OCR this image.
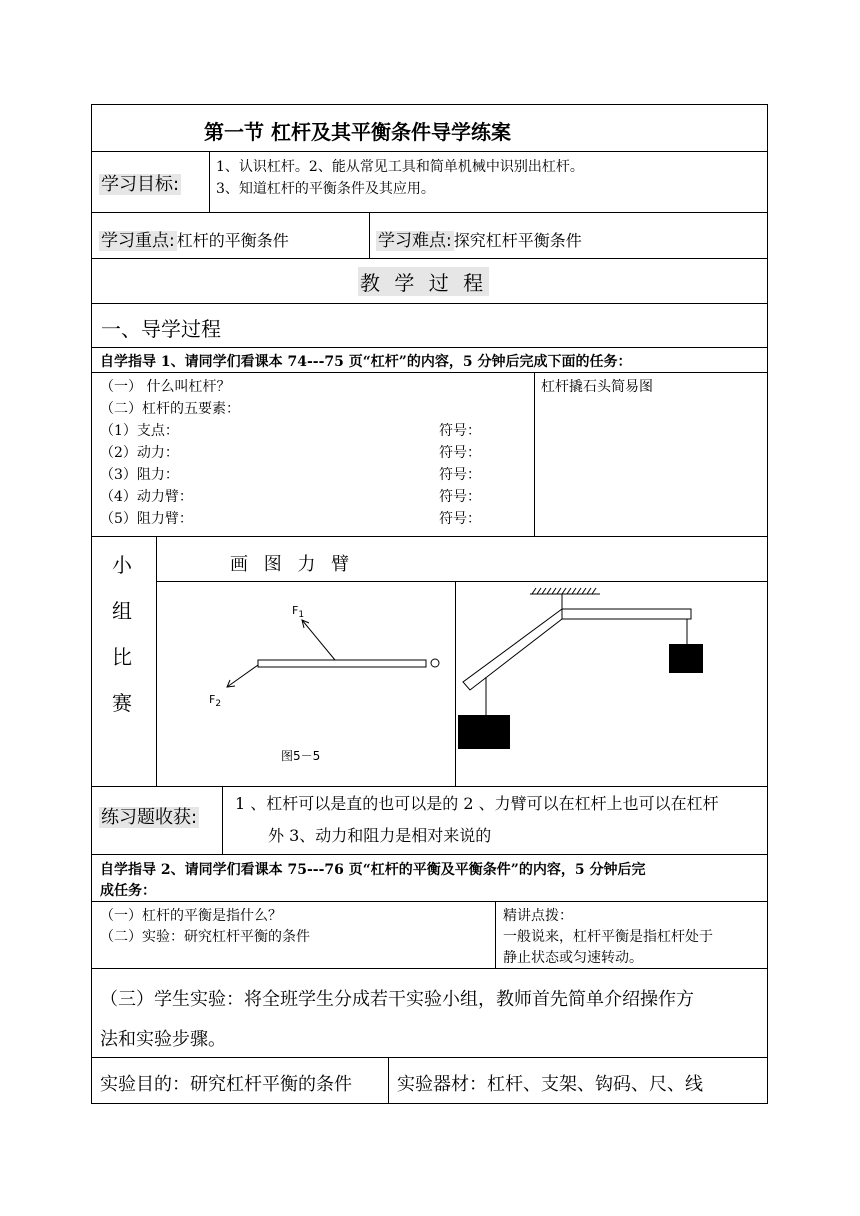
第一节 杠杆及其平衡条件导学练案
学习目标:
1、认识杠杆。2、能从常见工具和简单机械中识别出杠杆。
3、知道杠杆的平衡条件及其应用。
学习重点: 杠杆的平衡条件	学习难点: 探究杠杆平衡条件
教 学 过 程
一、导学过程
自学指导 1、请同学们看课本 74---75 页“杠杆”的内容，5 分钟后完成下面的任务：
（一） 什么叫杠杆？
（二）杠杆的五要素：
（1）支点：	符号：
（2）动力：	符号：
（3）阻力：	符号：
（4）动力臂：	符号：
（5）阻力臂：	符号：
杠杆撬石头简易图
小
组
比
赛
画 图 力 臂
$F_1$
$F_2$
图5－5
练习题收获:
1 、杠杆可以是直的也可以是的 2 、力臂可以在杠杆上也可以在杠杆
外 3、动力和阻力是相对来说的
自学指导 2、请同学们看课本 75---76 页“杠杆的平衡及平衡条件”的内容，5 分钟后完
成任务：
（一）杠杆的平衡是指什么？
（二）实验：研究杠杆平衡的条件
精讲点拨：
一般说来，杠杆平衡是指杠杆处于
静止状态或匀速转动。
（三）学生实验：将全班学生分成若干实验小组，教师首先简单介绍操作方
法和实验步骤。
实验目的：研究杠杆平衡的条件	实验器材：杠杆、支架、钩码、尺、线
